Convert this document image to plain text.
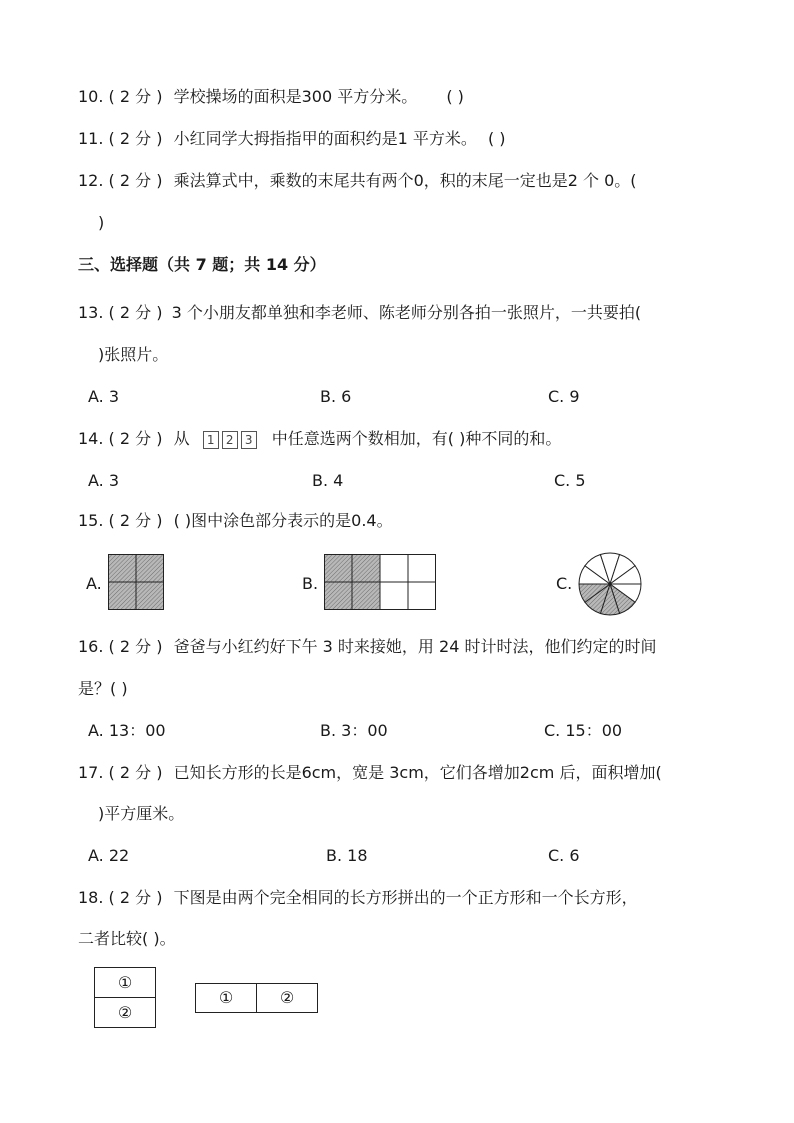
10. ( 2 分 ) 学校操场的面积是300 平方分米。 ( )
11. ( 2 分 ) 小红同学大拇指指甲的面积约是1 平方米。 ( )
12. ( 2 分 ) 乘法算式中，乘数的末尾共有两个0，积的末尾一定也是2 个 0。(
)
三、选择题（共 7 题；共 14 分）
13. ( 2 分 ) 3 个小朋友都单独和李老师、陈老师分别各拍一张照片，一共要拍(
)张照片。
A. 3	B. 6	C. 9
14. ( 2 分 ) 从	1 2 3 中任意选两个数相加，有( )种不同的和。
A. 3	B. 4	C. 5
15. ( 2 分 ) ( )图中涂色部分表示的是0.4。
A.	B.	C.
16. ( 2 分 ) 爸爸与小红约好下午 3 时来接她，用 24 时计时法，他们约定的时间
是？( )
A. 13：00	B. 3：00	C. 15：00
17. ( 2 分 ) 已知长方形的长是6cm，宽是 3cm，它们各增加2cm 后，面积增加(
)平方厘米。
A. 22	B. 18	C. 6
18. ( 2 分 ) 下图是由两个完全相同的长方形拼出的一个正方形和一个长方形，
二者比较( )。
①
②
①	②
